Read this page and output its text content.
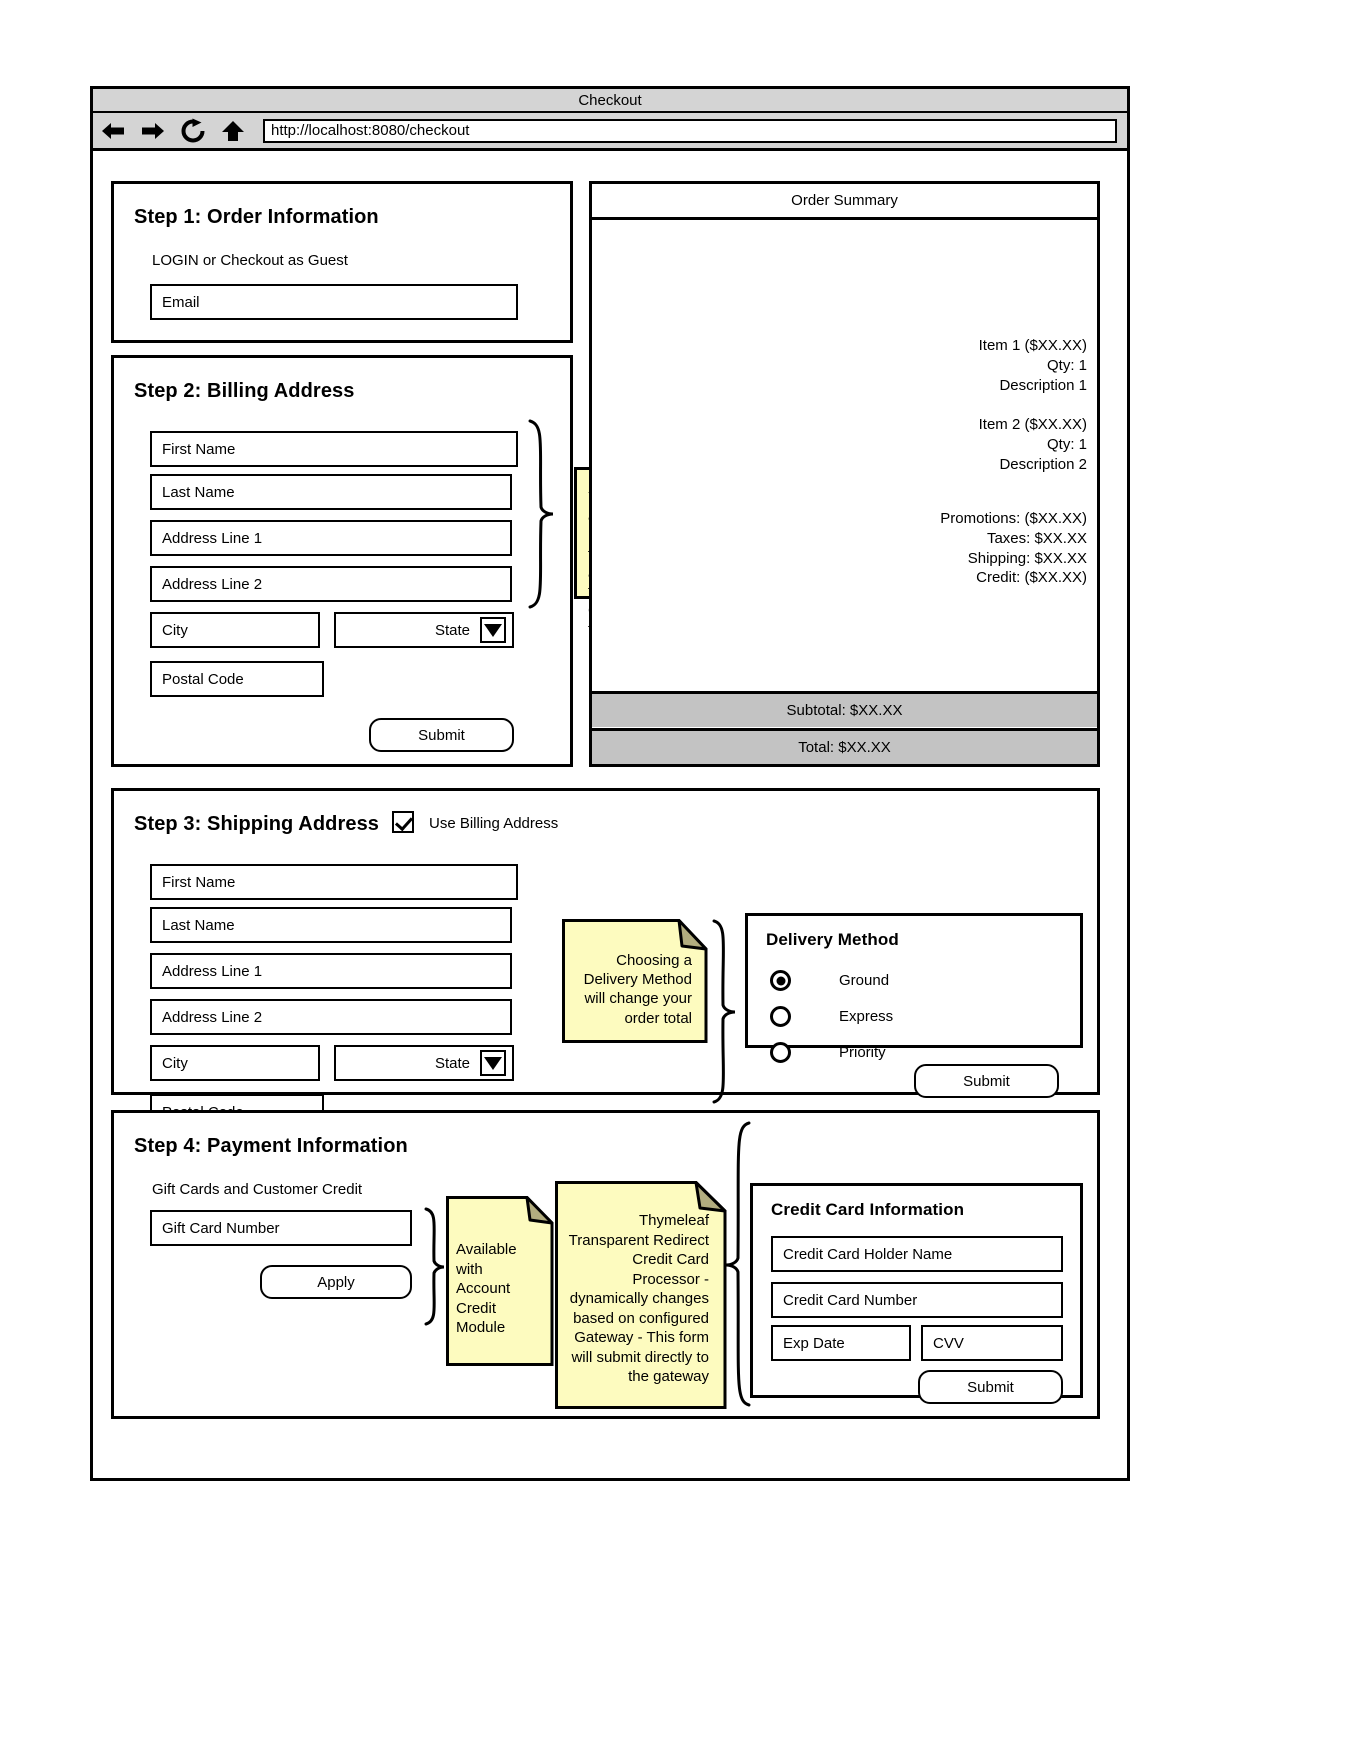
Checkout
http://localhost:8080/checkout
Step 1: Order Information
LOGIN or Checkout as Guest
Email
Step 2: Billing Address
First Name
Last Name
Address Line 1
Address Line 2
City	State
Postal Code
Submit
Order Summary
Item 1 ($XX.XX)
Qty: 1
Description 1
Item 2 ($XX.XX)
Qty: 1
Description 2
Promotions: ($XX.XX)
Taxes: $XX.XX
Shipping: $XX.XX
Credit: ($XX.XX)
Subtotal: $XX.XX
Total: $XX.XX
Step 3: Shipping Address	Use Billing Address
First Name
Last Name
Address Line 1
Address Line 2
City	State
Choosing a Delivery Method will change your order total
Delivery Method
Ground
Express
Priority
Submit
Step 4: Payment Information
Gift Cards and Customer Credit
Gift Card Number
Apply
Available with Account Credit Module
Thymeleaf Transparent Redirect Credit Card Processor - dynamically changes based on configured Gateway - This form will submit directly to the gateway
Credit Card Information
Credit Card Holder Name
Credit Card Number
Exp Date	CVV
Submit
